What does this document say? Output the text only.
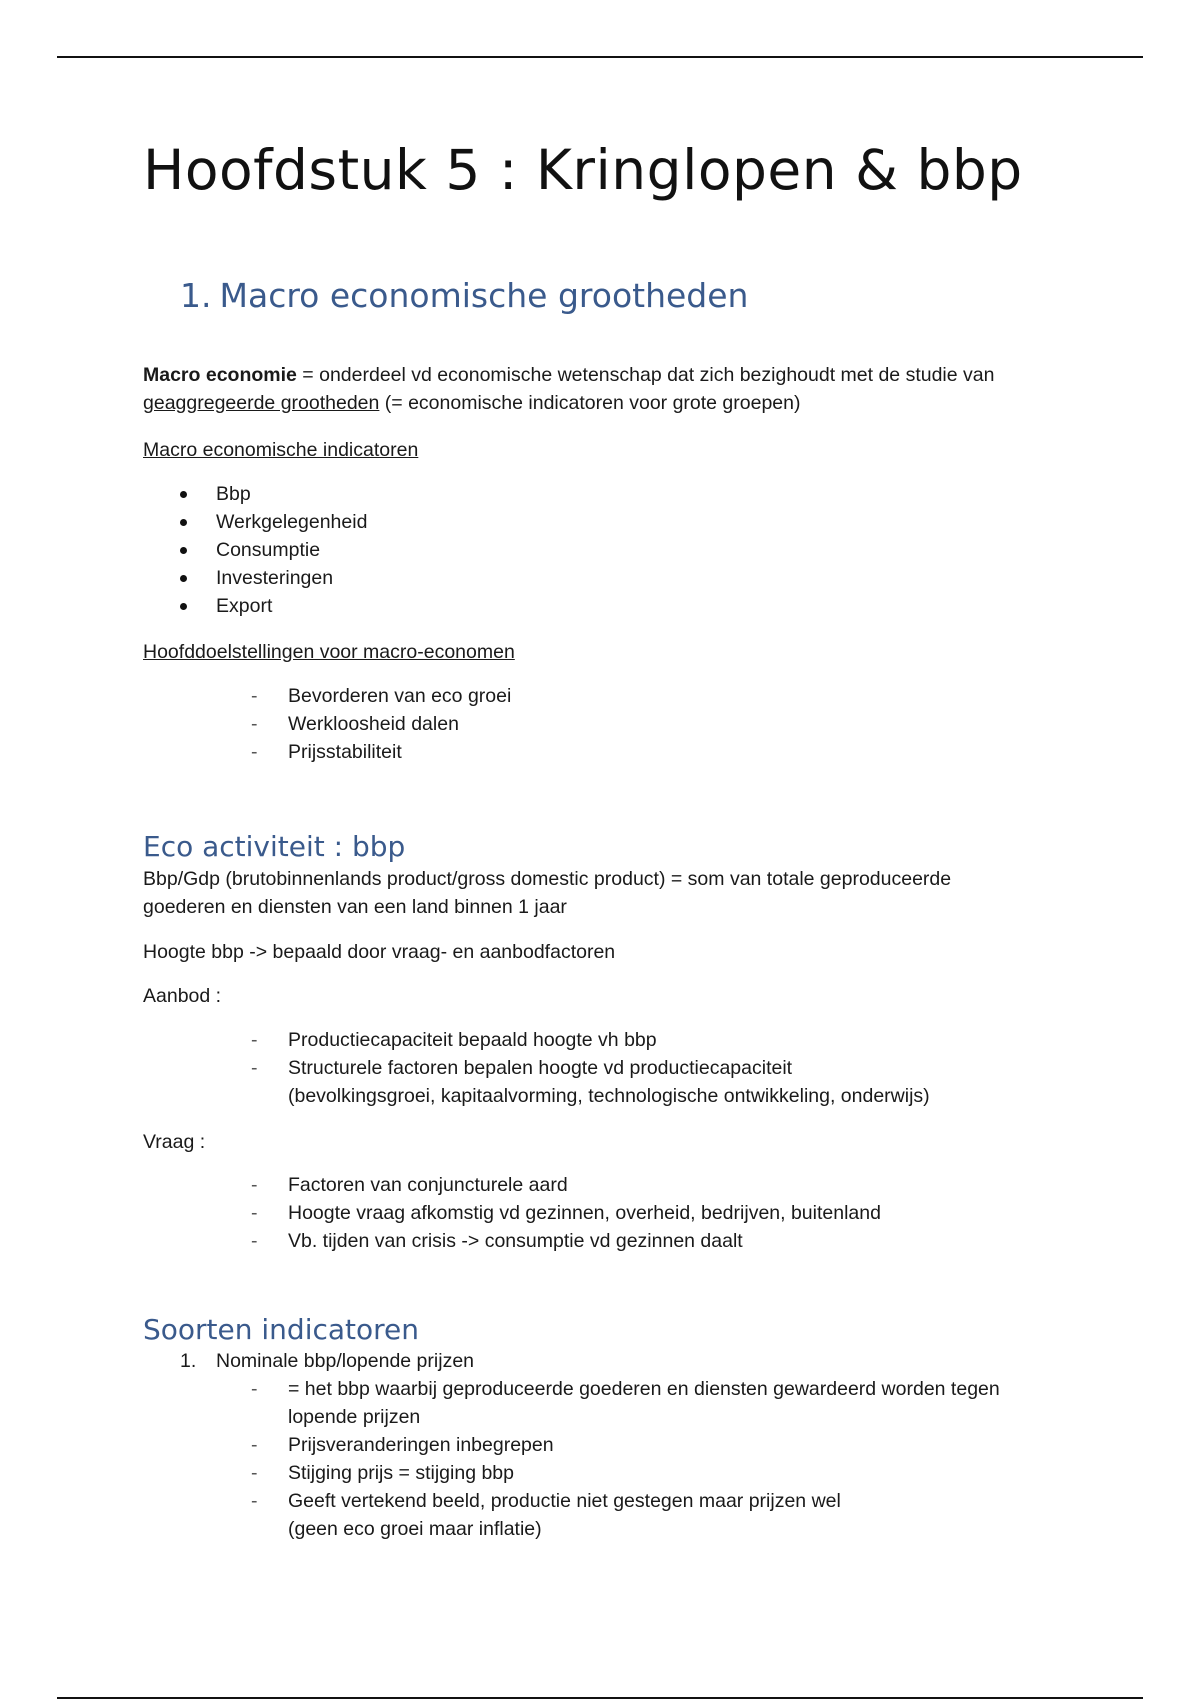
Hoofdstuk 5 : Kringlopen & bbp
1. Macro economische grootheden
Macro economie = onderdeel vd economische wetenschap dat zich bezighoudt met de studie van
geaggregeerde grootheden (= economische indicatoren voor grote groepen)
Macro economische indicatoren
Bbp
Werkgelegenheid
Consumptie
Investeringen
Export
Hoofddoelstellingen voor macro-economen
- Bevorderen van eco groei
- Werkloosheid dalen
- Prijsstabiliteit
Eco activiteit : bbp
Bbp/Gdp (brutobinnenlands product/gross domestic product) = som van totale geproduceerde
goederen en diensten van een land binnen 1 jaar
Hoogte bbp -> bepaald door vraag- en aanbodfactoren
Aanbod :
- Productiecapaciteit bepaald hoogte vh bbp
- Structurele factoren bepalen hoogte vd productiecapaciteit
(bevolkingsgroei, kapitaalvorming, technologische ontwikkeling, onderwijs)
Vraag :
- Factoren van conjuncturele aard
- Hoogte vraag afkomstig vd gezinnen, overheid, bedrijven, buitenland
- Vb. tijden van crisis -> consumptie vd gezinnen daalt
Soorten indicatoren
1. Nominale bbp/lopende prijzen
- = het bbp waarbij geproduceerde goederen en diensten gewardeerd worden tegen
lopende prijzen
- Prijsveranderingen inbegrepen
- Stijging prijs = stijging bbp
- Geeft vertekend beeld, productie niet gestegen maar prijzen wel
(geen eco groei maar inflatie)
